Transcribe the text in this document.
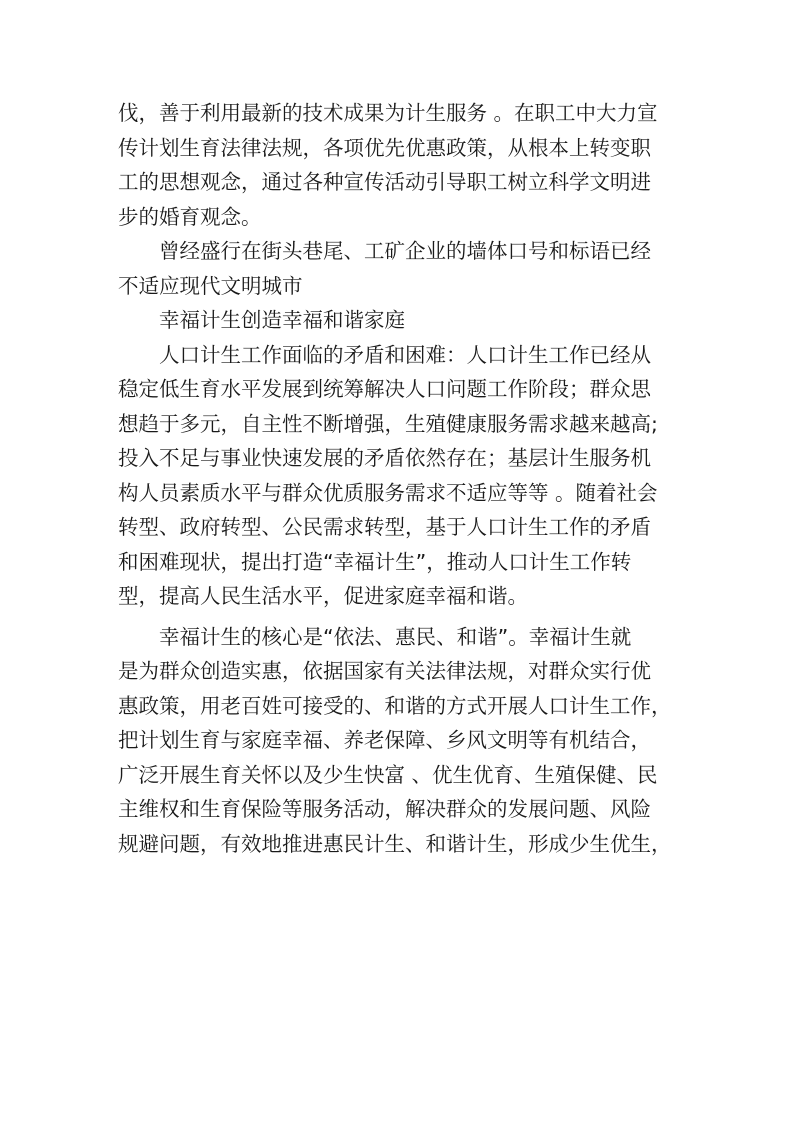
伐，善于利用最新的技术成果为计生服务 。在职工中大力宣
传计划生育法律法规，各项优先优惠政策，从根本上转变职
工的思想观念，通过各种宣传活动引导职工树立科学文明进
步的婚育观念。

曾经盛行在街头巷尾、工矿企业的墙体口号和标语已经
不适应现代文明城市

幸福计生创造幸福和谐家庭

人口计生工作面临的矛盾和困难：人口计生工作已经从
稳定低生育水平发展到统筹解决人口问题工作阶段；群众思
想趋于多元，自主性不断增强，生殖健康服务需求越来越高;
投入不足与事业快速发展的矛盾依然存在；基层计生服务机
构人员素质水平与群众优质服务需求不适应等等 。随着社会
转型、政府转型、公民需求转型，基于人口计生工作的矛盾
和困难现状，提出打造“幸福计生”，推动人口计生工作转
型，提高人民生活水平，促进家庭幸福和谐。

幸福计生的核心是“依法、惠民、和谐”。幸福计生就
是为群众创造实惠，依据国家有关法律法规，对群众实行优
惠政策，用老百姓可接受的、和谐的方式开展人口计生工作，
把计划生育与家庭幸福、养老保障、乡风文明等有机结合，
广泛开展生育关怀以及少生快富 、优生优育、生殖保健、民
主维权和生育保险等服务活动，解决群众的发展问题、风险
规避问题，有效地推进惠民计生、和谐计生，形成少生优生，
